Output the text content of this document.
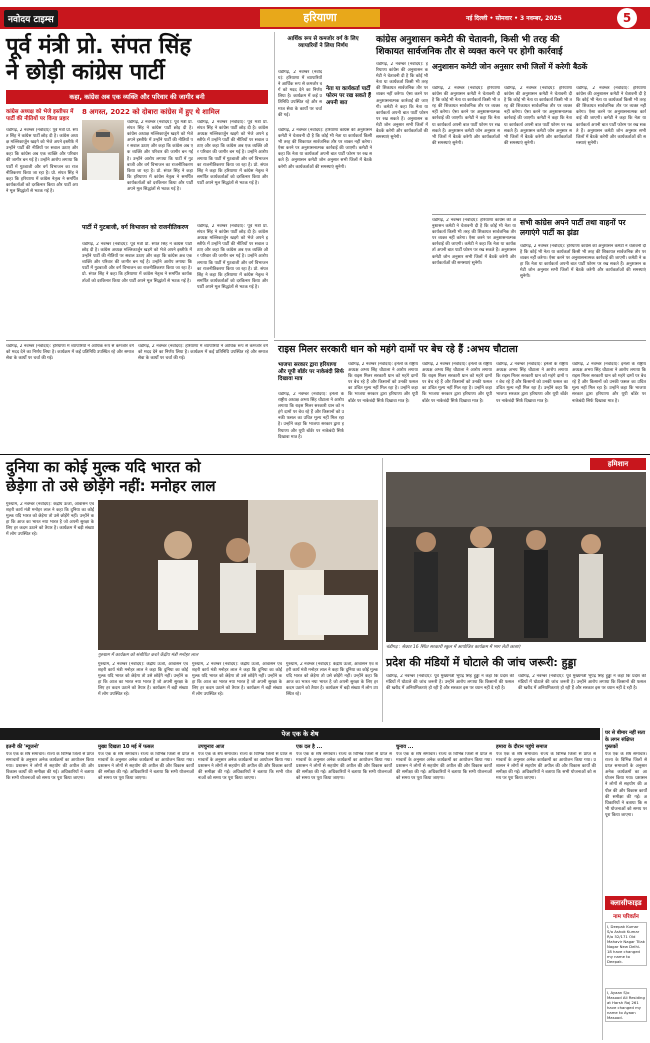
नवोदय टाइम्स	हरियाणा	नई दिल्ली • सोमवार • 3 नवम्बर, 2025	5
पूर्व मंत्री प्रो. संपत सिंह
ने छोड़ी कांग्रेस पार्टी
कहा, कांग्रेस अब एक व्यक्ति और परिवार की जागीर बनी
कांग्रेस अध्यक्ष को भेजे इस्तीफा में पार्टी की नीतियों पर किया प्रहार
चंडीगढ़, 2 नवम्बर (नवोदय): पूर्व मंत्री प्रो. संपत सिंह ने कांग्रेस पार्टी छोड़ दी है। कांग्रेस अध्यक्ष मल्लिकार्जुन खड़गे को भेजे अपने इस्तीफे में उन्होंने पार्टी की नीतियों पर सवाल उठाए और कहा कि कांग्रेस अब एक व्यक्ति और परिवार की जागीर बन गई है। उन्होंने आरोप लगाया कि पार्टी में गुटबाजी और वर्ग विभाजन का राजनीतिकरण किया जा रहा है। प्रो. संपत सिंह ने कहा कि हरियाणा में कांग्रेस नेतृत्व ने समर्पित कार्यकर्ताओं को दरकिनार किया और पार्टी अपने मूल सिद्धांतों से भटक गई है।
8 अगस्त, 2022 को दोबारा कांग्रेस में हुए थे शामिल
चंडीगढ़, 2 नवम्बर (नवोदय): पूर्व मंत्री प्रो. संपत सिंह ने कांग्रेस पार्टी छोड़ दी है। कांग्रेस अध्यक्ष मल्लिकार्जुन खड़गे को भेजे अपने इस्तीफे में उन्होंने पार्टी की नीतियों पर सवाल उठाए और कहा कि कांग्रेस अब एक व्यक्ति और परिवार की जागीर बन गई है। उन्होंने आरोप लगाया कि पार्टी में गुटबाजी और वर्ग विभाजन का राजनीतिकरण किया जा रहा है। प्रो. संपत सिंह ने कहा कि हरियाणा में कांग्रेस नेतृत्व ने समर्पित कार्यकर्ताओं को दरकिनार किया और पार्टी अपने मूल सिद्धांतों से भटक गई है।
चंडीगढ़, 2 नवम्बर (नवोदय): पूर्व मंत्री प्रो. संपत सिंह ने कांग्रेस पार्टी छोड़ दी है। कांग्रेस अध्यक्ष मल्लिकार्जुन खड़गे को भेजे अपने इस्तीफे में उन्होंने पार्टी की नीतियों पर सवाल उठाए और कहा कि कांग्रेस अब एक व्यक्ति और परिवार की जागीर बन गई है। उन्होंने आरोप लगाया कि पार्टी में गुटबाजी और वर्ग विभाजन का राजनीतिकरण किया जा रहा है। प्रो. संपत सिंह ने कहा कि हरियाणा में कांग्रेस नेतृत्व ने समर्पित कार्यकर्ताओं को दरकिनार किया और पार्टी अपने मूल सिद्धांतों से भटक गई है।
पार्टी में गुटबाजी, वर्ग विभाजन को राजनीतिकरण
चंडीगढ़, 2 नवम्बर (नवोदय): पूर्व मंत्री प्रो. संपत सिंह ने कांग्रेस पार्टी छोड़ दी है। कांग्रेस अध्यक्ष मल्लिकार्जुन खड़गे को भेजे अपने इस्तीफे में उन्होंने पार्टी की नीतियों पर सवाल उठाए और कहा कि कांग्रेस अब एक व्यक्ति और परिवार की जागीर बन गई है। उन्होंने आरोप लगाया कि पार्टी में गुटबाजी और वर्ग विभाजन का राजनीतिकरण किया जा रहा है। प्रो. संपत सिंह ने कहा कि हरियाणा में कांग्रेस नेतृत्व ने समर्पित कार्यकर्ताओं को दरकिनार किया और पार्टी अपने मूल सिद्धांतों से भटक गई है।
चंडीगढ़, 2 नवम्बर (नवोदय): पूर्व मंत्री प्रो. संपत सिंह ने कांग्रेस पार्टी छोड़ दी है। कांग्रेस अध्यक्ष मल्लिकार्जुन खड़गे को भेजे अपने इस्तीफे में उन्होंने पार्टी की नीतियों पर सवाल उठाए और कहा कि कांग्रेस अब एक व्यक्ति और परिवार की जागीर बन गई है। उन्होंने आरोप लगाया कि पार्टी में गुटबाजी और वर्ग विभाजन का राजनीतिकरण किया जा रहा है। प्रो. संपत सिंह ने कहा कि हरियाणा में कांग्रेस नेतृत्व ने समर्पित कार्यकर्ताओं को दरकिनार किया और पार्टी अपने मूल सिद्धांतों से भटक गई है।
आर्थिक रूप से कमजोर वर्ग के लिए व्यापारियों ने लिया निर्णय
चंडीगढ़, 2 नवम्बर (नवोदय): हरियाणा में व्यापारियों ने आर्थिक रूप से कमजोर वर्ग को मदद देने का निर्णय लिया है। कार्यक्रम में कई प्रतिनिधि उपस्थित रहे और समाज सेवा के कार्यों पर चर्चा की गई।
नेता या कार्यकर्ता पार्टी फोरम पर रख सकते हैं अपनी बात
चंडीगढ़, 2 नवम्बर (नवोदय): हरियाणा कांग्रेस की अनुशासन कमेटी ने चेतावनी दी है कि कोई भी नेता या कार्यकर्ता किसी भी तरह की शिकायत सार्वजनिक तौर पर व्यक्त नहीं करेगा। ऐसा करने पर अनुशासनात्मक कार्रवाई की जाएगी। कमेटी ने कहा कि नेता या कार्यकर्ता अपनी बात पार्टी फोरम पर रख सकते हैं। अनुशासन कमेटी जोन अनुसार सभी जिलों में बैठकें करेगी और कार्यकर्ताओं की समस्याएं सुनेगी।
कांग्रेस अनुशासन कमेटी की चेतावनी, किसी भी तरह की
शिकायत सार्वजनिक तौर से व्यक्त करने पर होगी कार्रवाई
चंडीगढ़, 2 नवम्बर (नवोदय): हरियाणा कांग्रेस की अनुशासन कमेटी ने चेतावनी दी है कि कोई भी नेता या कार्यकर्ता किसी भी तरह की शिकायत सार्वजनिक तौर पर व्यक्त नहीं करेगा। ऐसा करने पर अनुशासनात्मक कार्रवाई की जाएगी। कमेटी ने कहा कि नेता या कार्यकर्ता अपनी बात पार्टी फोरम पर रख सकते हैं। अनुशासन कमेटी जोन अनुसार सभी जिलों में बैठकें करेगी और कार्यकर्ताओं की समस्याएं सुनेगी।
अनुशासन कमेटी जोन अनुसार सभी जिलों में करेगी बैठकें
चंडीगढ़, 2 नवम्बर (नवोदय): हरियाणा कांग्रेस की अनुशासन कमेटी ने चेतावनी दी है कि कोई भी नेता या कार्यकर्ता किसी भी तरह की शिकायत सार्वजनिक तौर पर व्यक्त नहीं करेगा। ऐसा करने पर अनुशासनात्मक कार्रवाई की जाएगी। कमेटी ने कहा कि नेता या कार्यकर्ता अपनी बात पार्टी फोरम पर रख सकते हैं। अनुशासन कमेटी जोन अनुसार सभी जिलों में बैठकें करेगी और कार्यकर्ताओं की समस्याएं सुनेगी।
चंडीगढ़, 2 नवम्बर (नवोदय): हरियाणा कांग्रेस की अनुशासन कमेटी ने चेतावनी दी है कि कोई भी नेता या कार्यकर्ता किसी भी तरह की शिकायत सार्वजनिक तौर पर व्यक्त नहीं करेगा। ऐसा करने पर अनुशासनात्मक कार्रवाई की जाएगी। कमेटी ने कहा कि नेता या कार्यकर्ता अपनी बात पार्टी फोरम पर रख सकते हैं। अनुशासन कमेटी जोन अनुसार सभी जिलों में बैठकें करेगी और कार्यकर्ताओं की समस्याएं सुनेगी।
चंडीगढ़, 2 नवम्बर (नवोदय): हरियाणा कांग्रेस की अनुशासन कमेटी ने चेतावनी दी है कि कोई भी नेता या कार्यकर्ता किसी भी तरह की शिकायत सार्वजनिक तौर पर व्यक्त नहीं करेगा। ऐसा करने पर अनुशासनात्मक कार्रवाई की जाएगी। कमेटी ने कहा कि नेता या कार्यकर्ता अपनी बात पार्टी फोरम पर रख सकते हैं। अनुशासन कमेटी जोन अनुसार सभी जिलों में बैठकें करेगी और कार्यकर्ताओं की समस्याएं सुनेगी।
सभी कांग्रेस अपने पार्टी तथा वाहनों पर लगाएंगे पार्टी का झंडा
चंडीगढ़, 2 नवम्बर (नवोदय): हरियाणा कांग्रेस की अनुशासन कमेटी ने चेतावनी दी है कि कोई भी नेता या कार्यकर्ता किसी भी तरह की शिकायत सार्वजनिक तौर पर व्यक्त नहीं करेगा। ऐसा करने पर अनुशासनात्मक कार्रवाई की जाएगी। कमेटी ने कहा कि नेता या कार्यकर्ता अपनी बात पार्टी फोरम पर रख सकते हैं। अनुशासन कमेटी जोन अनुसार सभी जिलों में बैठकें करेगी और कार्यकर्ताओं की समस्याएं सुनेगी।
चंडीगढ़, 2 नवम्बर (नवोदय): हरियाणा कांग्रेस की अनुशासन कमेटी ने चेतावनी दी है कि कोई भी नेता या कार्यकर्ता किसी भी तरह की शिकायत सार्वजनिक तौर पर व्यक्त नहीं करेगा। ऐसा करने पर अनुशासनात्मक कार्रवाई की जाएगी। कमेटी ने कहा कि नेता या कार्यकर्ता अपनी बात पार्टी फोरम पर रख सकते हैं। अनुशासन कमेटी जोन अनुसार सभी जिलों में बैठकें करेगी और कार्यकर्ताओं की समस्याएं सुनेगी।
राइस मिलर सरकारी धान को महंगे दामों पर बेच रहे हैं :अभय चौटाला
भाजपा सरकार द्वारा हरियाणा और यूपी बॉर्डर पर नाकेबंदी सिर्फ दिखावा मात्र
चंडीगढ़, 2 नवम्बर (नवोदय): इनेलो के राष्ट्रीय अध्यक्ष अभय सिंह चौटाला ने आरोप लगाया कि राइस मिलर सरकारी धान को महंगे दामों पर बेच रहे हैं और किसानों को उनकी फसल का उचित मूल्य नहीं मिल रहा है। उन्होंने कहा कि भाजपा सरकार द्वारा हरियाणा और यूपी बॉर्डर पर नाकेबंदी सिर्फ दिखावा मात्र है।
चंडीगढ़, 2 नवम्बर (नवोदय): इनेलो के राष्ट्रीय अध्यक्ष अभय सिंह चौटाला ने आरोप लगाया कि राइस मिलर सरकारी धान को महंगे दामों पर बेच रहे हैं और किसानों को उनकी फसल का उचित मूल्य नहीं मिल रहा है। उन्होंने कहा कि भाजपा सरकार द्वारा हरियाणा और यूपी बॉर्डर पर नाकेबंदी सिर्फ दिखावा मात्र है।
चंडीगढ़, 2 नवम्बर (नवोदय): इनेलो के राष्ट्रीय अध्यक्ष अभय सिंह चौटाला ने आरोप लगाया कि राइस मिलर सरकारी धान को महंगे दामों पर बेच रहे हैं और किसानों को उनकी फसल का उचित मूल्य नहीं मिल रहा है। उन्होंने कहा कि भाजपा सरकार द्वारा हरियाणा और यूपी बॉर्डर पर नाकेबंदी सिर्फ दिखावा मात्र है।
चंडीगढ़, 2 नवम्बर (नवोदय): इनेलो के राष्ट्रीय अध्यक्ष अभय सिंह चौटाला ने आरोप लगाया कि राइस मिलर सरकारी धान को महंगे दामों पर बेच रहे हैं और किसानों को उनकी फसल का उचित मूल्य नहीं मिल रहा है। उन्होंने कहा कि भाजपा सरकार द्वारा हरियाणा और यूपी बॉर्डर पर नाकेबंदी सिर्फ दिखावा मात्र है।
चंडीगढ़, 2 नवम्बर (नवोदय): इनेलो के राष्ट्रीय अध्यक्ष अभय सिंह चौटाला ने आरोप लगाया कि राइस मिलर सरकारी धान को महंगे दामों पर बेच रहे हैं और किसानों को उनकी फसल का उचित मूल्य नहीं मिल रहा है। उन्होंने कहा कि भाजपा सरकार द्वारा हरियाणा और यूपी बॉर्डर पर नाकेबंदी सिर्फ दिखावा मात्र है।
चंडीगढ़, 2 नवम्बर (नवोदय): हरियाणा में व्यापारियों ने आर्थिक रूप से कमजोर वर्ग को मदद देने का निर्णय लिया है। कार्यक्रम में कई प्रतिनिधि उपस्थित रहे और समाज सेवा के कार्यों पर चर्चा की गई।
चंडीगढ़, 2 नवम्बर (नवोदय): हरियाणा में व्यापारियों ने आर्थिक रूप से कमजोर वर्ग को मदद देने का निर्णय लिया है। कार्यक्रम में कई प्रतिनिधि उपस्थित रहे और समाज सेवा के कार्यों पर चर्चा की गई।
दुनिया का कोई मुल्क यदि भारत को
छेड़ेगा तो उसे छोड़ेंगे नहीं: मनोहर लाल
गुरुग्राम, 2 नवम्बर (नवोदय): केंद्रीय ऊर्जा, आवासन एवं शहरी कार्य मंत्री मनोहर लाल ने कहा कि दुनिया का कोई मुल्क यदि भारत को छेड़ेगा तो उसे छोड़ेंगे नहीं। उन्होंने कहा कि आज का भारत नया भारत है जो अपनी सुरक्षा के लिए हर कदम उठाने को तैयार है। कार्यक्रम में बड़ी संख्या में लोग उपस्थित रहे।
गुरुग्राम में कार्यक्रम को संबोधित करते केंद्रीय मंत्री मनोहर लाल
गुरुग्राम, 2 नवम्बर (नवोदय): केंद्रीय ऊर्जा, आवासन एवं शहरी कार्य मंत्री मनोहर लाल ने कहा कि दुनिया का कोई मुल्क यदि भारत को छेड़ेगा तो उसे छोड़ेंगे नहीं। उन्होंने कहा कि आज का भारत नया भारत है जो अपनी सुरक्षा के लिए हर कदम उठाने को तैयार है। कार्यक्रम में बड़ी संख्या में लोग उपस्थित रहे।
गुरुग्राम, 2 नवम्बर (नवोदय): केंद्रीय ऊर्जा, आवासन एवं शहरी कार्य मंत्री मनोहर लाल ने कहा कि दुनिया का कोई मुल्क यदि भारत को छेड़ेगा तो उसे छोड़ेंगे नहीं। उन्होंने कहा कि आज का भारत नया भारत है जो अपनी सुरक्षा के लिए हर कदम उठाने को तैयार है। कार्यक्रम में बड़ी संख्या में लोग उपस्थित रहे।
गुरुग्राम, 2 नवम्बर (नवोदय): केंद्रीय ऊर्जा, आवासन एवं शहरी कार्य मंत्री मनोहर लाल ने कहा कि दुनिया का कोई मुल्क यदि भारत को छेड़ेगा तो उसे छोड़ेंगे नहीं। उन्होंने कहा कि आज का भारत नया भारत है जो अपनी सुरक्षा के लिए हर कदम उठाने को तैयार है। कार्यक्रम में बड़ी संख्या में लोग उपस्थित रहे।
हमिशान
चंडीगढ़ : सेक्टर 16 स्थित सरकारी स्कूल में आयोजित कार्यक्रम में भाग लेती छात्राएं
प्रदेश की मंडियों में घोटाले की जांच जरूरी: हुड्डा
चंडीगढ़, 2 नवम्बर (नवोदय): पूर्व मुख्यमंत्री भूपेंद्र सिंह हुड्डा ने कहा कि प्रदेश की मंडियों में घोटाले की जांच जरूरी है। उन्होंने आरोप लगाया कि किसानों की फसल की खरीद में अनियमितताएं हो रही हैं और सरकार इस पर ध्यान नहीं दे रही है।
चंडीगढ़, 2 नवम्बर (नवोदय): पूर्व मुख्यमंत्री भूपेंद्र सिंह हुड्डा ने कहा कि प्रदेश की मंडियों में घोटाले की जांच जरूरी है। उन्होंने आरोप लगाया कि किसानों की फसल की खरीद में अनियमितताएं हो रही हैं और सरकार इस पर ध्यान नहीं दे रही है।
पेज एक के शेष
इतनी की 'म्यूजनो'
पेज एक के शेष समाचार। राज्य के विभिन्न जिलों से प्राप्त समाचारों के अनुसार अनेक कार्यक्रमों का आयोजन किया गया। प्रशासन ने लोगों से सहयोग की अपील की और विकास कार्यों की समीक्षा की गई। अधिकारियों ने बताया कि सभी योजनाओं को समय पर पूरा किया जाएगा।
मुख्य दिखता 10 मई में फसल
पेज एक के शेष समाचार। राज्य के विभिन्न जिलों से प्राप्त समाचारों के अनुसार अनेक कार्यक्रमों का आयोजन किया गया। प्रशासन ने लोगों से सहयोग की अपील की और विकास कार्यों की समीक्षा की गई। अधिकारियों ने बताया कि सभी योजनाओं को समय पर पूरा किया जाएगा।
उपचुनाव आज
पेज एक के शेष समाचार। राज्य के विभिन्न जिलों से प्राप्त समाचारों के अनुसार अनेक कार्यक्रमों का आयोजन किया गया। प्रशासन ने लोगों से सहयोग की अपील की और विकास कार्यों की समीक्षा की गई। अधिकारियों ने बताया कि सभी योजनाओं को समय पर पूरा किया जाएगा।
एक दल है ...
पेज एक के शेष समाचार। राज्य के विभिन्न जिलों से प्राप्त समाचारों के अनुसार अनेक कार्यक्रमों का आयोजन किया गया। प्रशासन ने लोगों से सहयोग की अपील की और विकास कार्यों की समीक्षा की गई। अधिकारियों ने बताया कि सभी योजनाओं को समय पर पूरा किया जाएगा।
चुनाव ...
पेज एक के शेष समाचार। राज्य के विभिन्न जिलों से प्राप्त समाचारों के अनुसार अनेक कार्यक्रमों का आयोजन किया गया। प्रशासन ने लोगों से सहयोग की अपील की और विकास कार्यों की समीक्षा की गई। अधिकारियों ने बताया कि सभी योजनाओं को समय पर पूरा किया जाएगा।
हमारा के दौरान पहुंचे समाज
पेज एक के शेष समाचार। राज्य के विभिन्न जिलों से प्राप्त समाचारों के अनुसार अनेक कार्यक्रमों का आयोजन किया गया। प्रशासन ने लोगों से सहयोग की अपील की और विकास कार्यों की समीक्षा की गई। अधिकारियों ने बताया कि सभी योजनाओं को समय पर पूरा किया जाएगा।
घर से बीमार नहीं सता के लगन संक्षिप्त पुस्तकों
पेज एक के शेष समाचार। राज्य के विभिन्न जिलों से प्राप्त समाचारों के अनुसार अनेक कार्यक्रमों का आयोजन किया गया। प्रशासन ने लोगों से सहयोग की अपील की और विकास कार्यों की समीक्षा की गई। अधिकारियों ने बताया कि सभी योजनाओं को समय पर पूरा किया जाएगा।
क्लासीफाइड
नाम परिवर्तन
I, Deepak Kumar S/o Ashok Kumar R/o 52/171 Old Mahavir Nagar Tilak Nagar New Delhi-18 have changed my name to Deepak.
I, Ayaan S/o Masood Ali Residing at Harsh Raj 261 have changed my name to Ayaan Masood.
